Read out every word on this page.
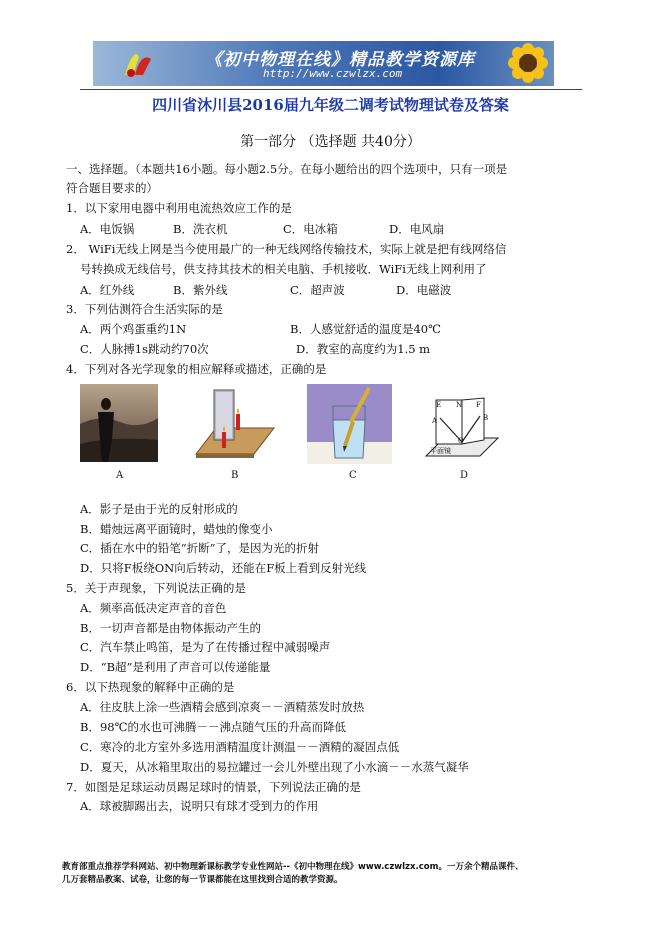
《初中物理在线》精品教学资源库
http://www.czwlzx.com
四川省沐川县2016届九年级二调考试物理试卷及答案
第一部分 （选择题 共40分）
一、选择题。（本题共16小题。每小题2.5分。在每小题给出的四个选项中，只有一项是
符合题目要求的）
1．以下家用电器中利用电流热效应工作的是
A．电饭锅	B．洗衣机	C．电冰箱	D．电风扇
2． WiFi无线上网是当今使用最广的一种无线网络传输技术，实际上就是把有线网络信
号转换成无线信号，供支持其技术的相关电脑、手机接收．WiFi无线上网利用了
A．红外线	B．紫外线	C．超声波	D．电磁波
3．下列估测符合生活实际的是
A．两个鸡蛋重约1N	B．人感觉舒适的温度是40℃
C．人脉搏1s跳动约70次	D．教室的高度约为1.5 m
4．下列对各光学现象的相应解释或描述，正确的是
A	B	C
E N F
A
O
B
平面镜
D
A．影子是由于光的反射形成的
B．蜡烛远离平面镜时，蜡烛的像变小
C．插在水中的铅笔“折断”了，是因为光的折射
D．只将F板绕ON向后转动，还能在F板上看到反射光线
5．关于声现象，下列说法正确的是
A．频率高低决定声音的音色
B．一切声音都是由物体振动产生的
C．汽车禁止鸣笛，是为了在传播过程中减弱噪声
D．“B超”是利用了声音可以传递能量
6．以下热现象的解释中正确的是
A．往皮肤上涂一些酒精会感到凉爽－－酒精蒸发时放热
B．98℃的水也可沸腾－－沸点随气压的升高而降低
C．寒冷的北方室外多选用酒精温度计测温－－酒精的凝固点低
D．夏天，从冰箱里取出的易拉罐过一会儿外壁出现了小水滴－－水蒸气凝华
7．如图是足球运动员踢足球时的情景，下列说法正确的是
A．球被脚踢出去，说明只有球才受到力的作用
教育部重点推荐学科网站、初中物理新课标教学专业性网站--《初中物理在线》www.czwlzx.com。一万余个精品课件、
几万套精品教案、试卷，让您的每一节课都能在这里找到合适的教学资源。
